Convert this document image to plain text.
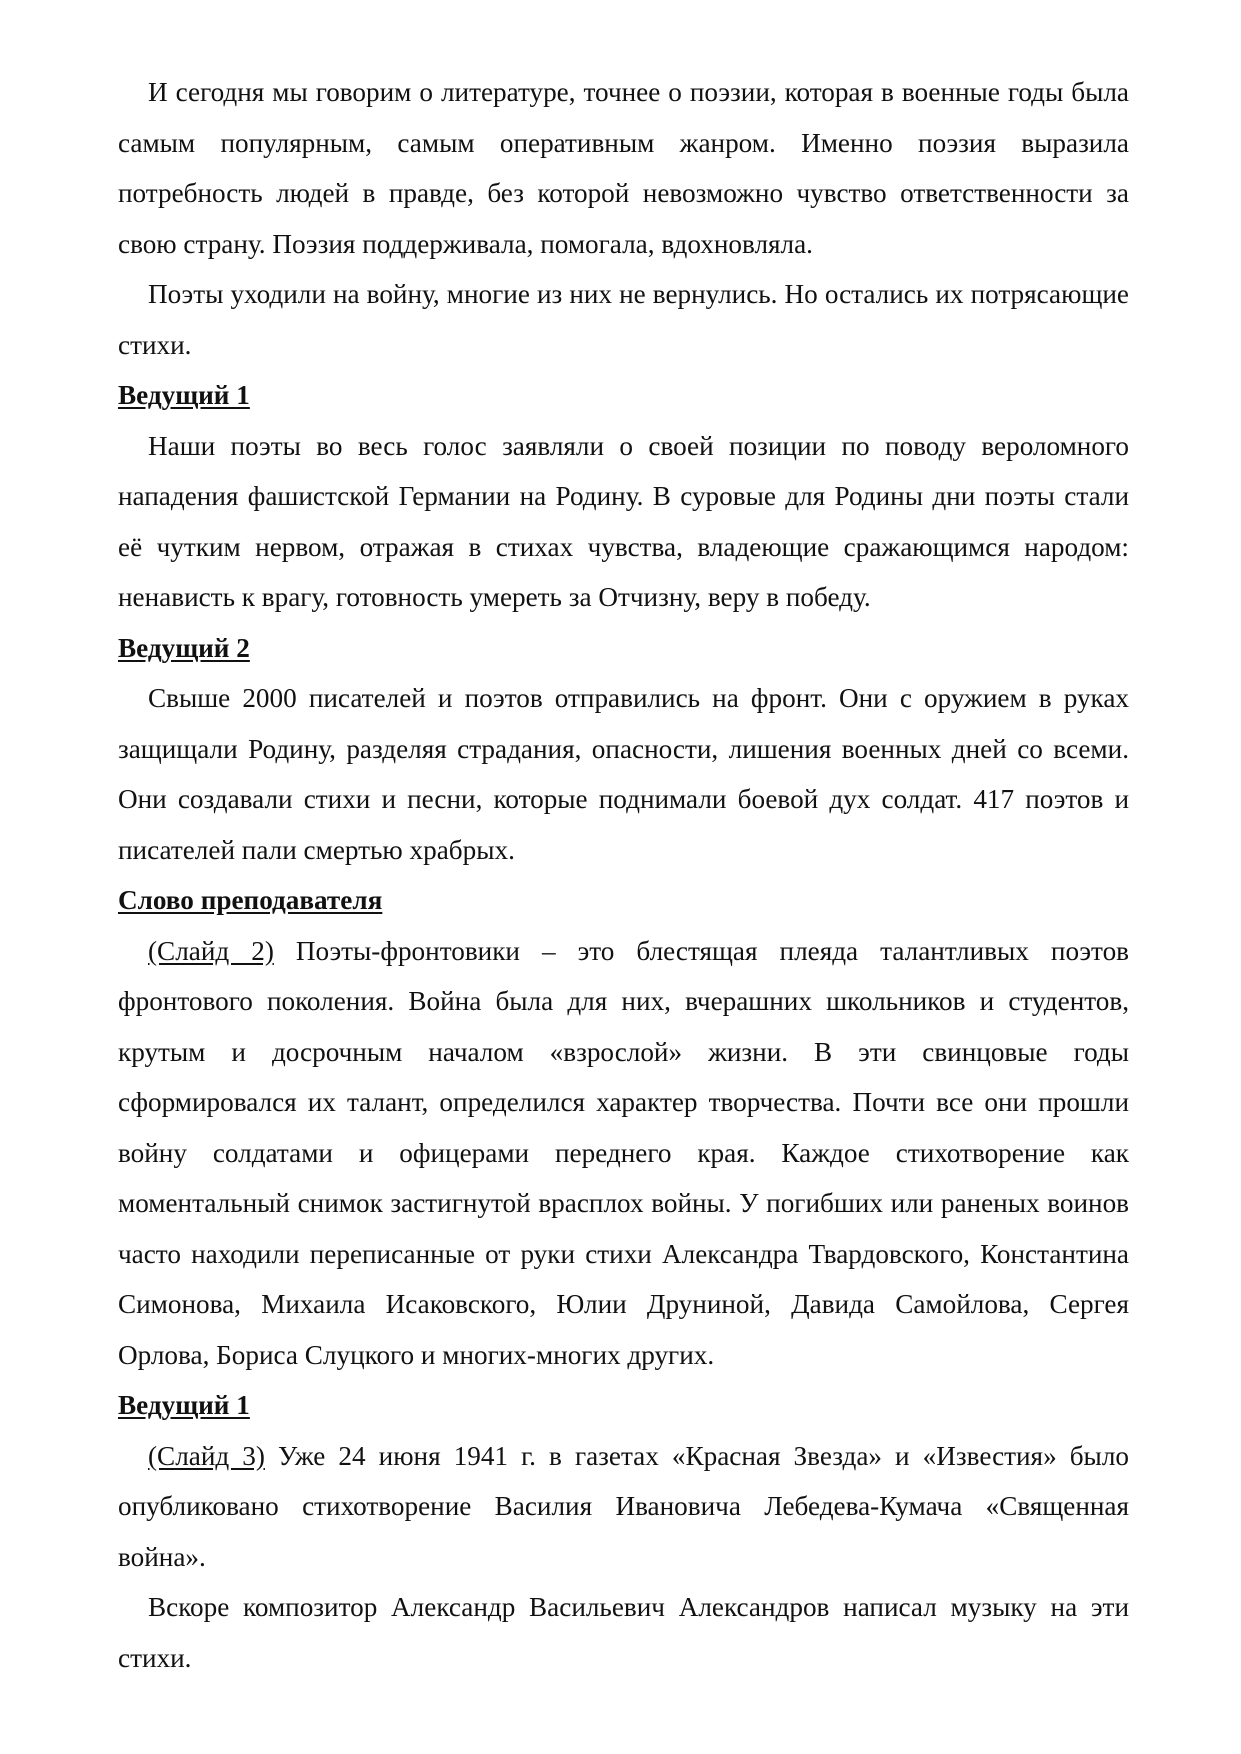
И сегодня мы говорим о литературе, точнее о поэзии, которая в военные годы была самым популярным, самым оперативным жанром. Именно поэзия выразила потребность людей в правде, без которой невозможно чувство ответственности за свою страну. Поэзия поддерживала, помогала, вдохновляла.

Поэты уходили на войну, многие из них не вернулись. Но остались их потрясающие стихи.

Ведущий 1

Наши поэты во весь голос заявляли о своей позиции по поводу вероломного нападения фашистской Германии на Родину. В суровые для Родины дни поэты стали её чутким нервом, отражая в стихах чувства, владеющие сражающимся народом: ненависть к врагу, готовность умереть за Отчизну, веру в победу.

Ведущий 2

Свыше 2000 писателей и поэтов отправились на фронт. Они с оружием в руках защищали Родину, разделяя страдания, опасности, лишения военных дней со всеми. Они создавали стихи и песни, которые поднимали боевой дух солдат. 417 поэтов и писателей пали смертью храбрых.

Слово преподавателя

(Слайд 2) Поэты-фронтовики – это блестящая плеяда талантливых поэтов фронтового поколения. Война была для них, вчерашних школьников и студентов, крутым и досрочным началом «взрослой» жизни. В эти свинцовые годы сформировался их талант, определился характер творчества. Почти все они прошли войну солдатами и офицерами переднего края. Каждое стихотворение как моментальный снимок застигнутой врасплох войны. У погибших или раненых воинов часто находили переписанные от руки стихи Александра Твардовского, Константина Симонова, Михаила Исаковского, Юлии Друниной, Давида Самойлова, Сергея Орлова, Бориса Слуцкого и многих-многих других.

Ведущий 1

(Слайд 3) Уже 24 июня 1941 г. в газетах «Красная Звезда» и «Известия» было опубликовано стихотворение Василия Ивановича Лебедева-Кумача «Священная война».

Вскоре композитор Александр Васильевич Александров написал музыку на эти стихи.
